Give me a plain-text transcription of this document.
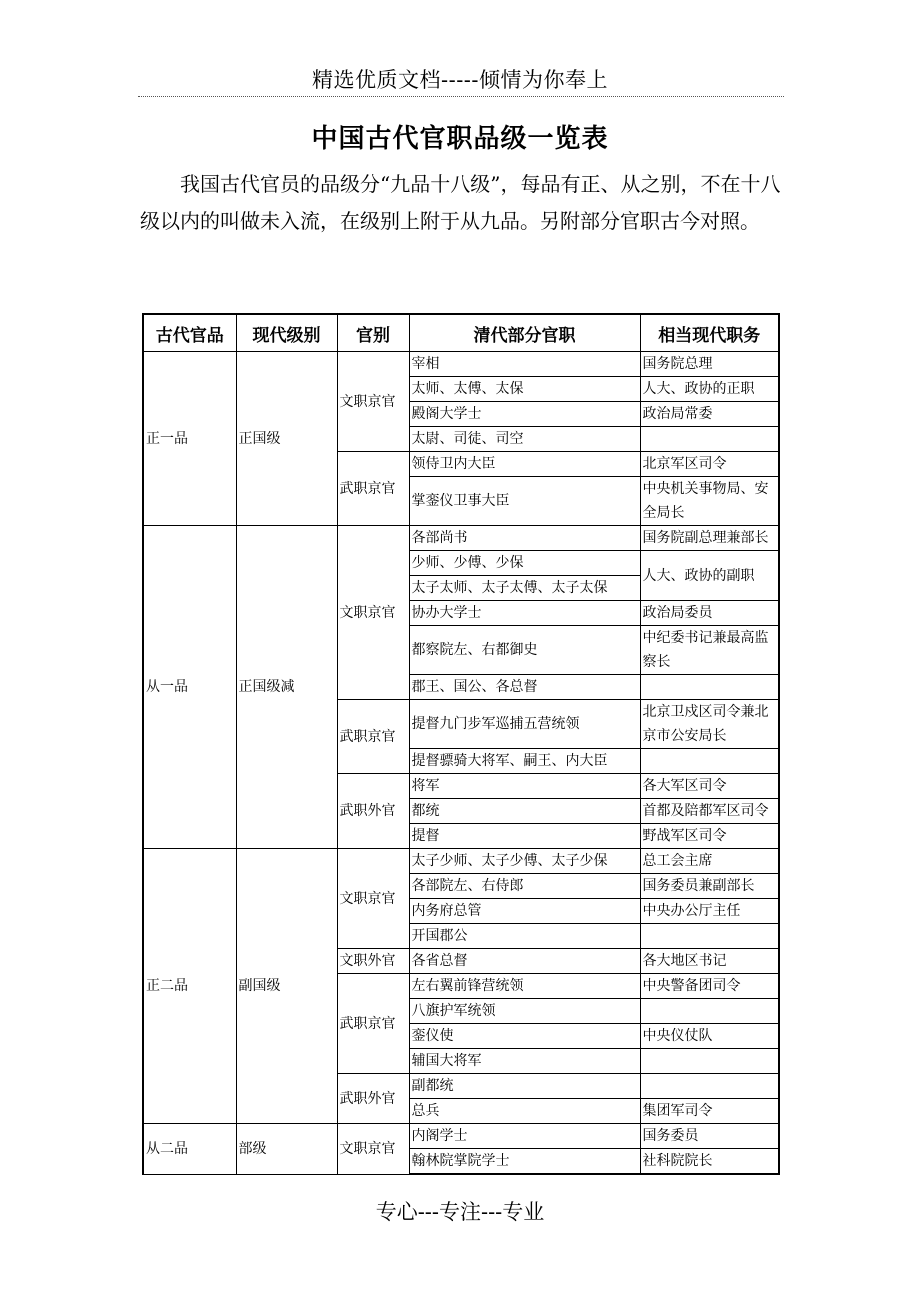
精选优质文档-----倾情为你奉上
中国古代官职品级一览表
我国古代官员的品级分“九品十八级”，每品有正、从之别，不在十八级以内的叫做未入流，在级别上附于从九品。另附部分官职古今对照。
古代官品	现代级别	官别	清代部分官职	相当现代职务
正一品	正国级	文职京官	宰相	国务院总理
			太师、太傅、太保	人大、政协的正职
			殿阁大学士	政治局常委
			太尉、司徒、司空	
		武职京官	领侍卫内大臣	北京军区司令
			掌銮仪卫事大臣	中央机关事物局、安全局长
从一品	正国级减	文职京官	各部尚书	国务院副总理兼部长
			少师、少傅、少保	人大、政协的副职
			太子太师、太子太傅、太子太保	
			协办大学士	政治局委员
			都察院左、右都御史	中纪委书记兼最高监察长
			郡王、国公、各总督	
		武职京官	提督九门步军巡捕五营统领	北京卫戍区司令兼北京市公安局长
			提督骠骑大将军、嗣王、内大臣	
		武职外官	将军	各大军区司令
			都统	首都及陪都军区司令
			提督	野战军区司令
正二品	副国级	文职京官	太子少师、太子少傅、太子少保	总工会主席
			各部院左、右侍郎	国务委员兼副部长
			内务府总管	中央办公厅主任
			开国郡公	
		文职外官	各省总督	各大地区书记
		武职京官	左右翼前锋营统领	中央警备团司令
			八旗护军统领	
			銮仪使	中央仪仗队
			辅国大将军	
		武职外官	副都统	
			总兵	集团军司令
从二品	部级	文职京官	内阁学士	国务委员
			翰林院掌院学士	社科院院长
专心---专注---专业
